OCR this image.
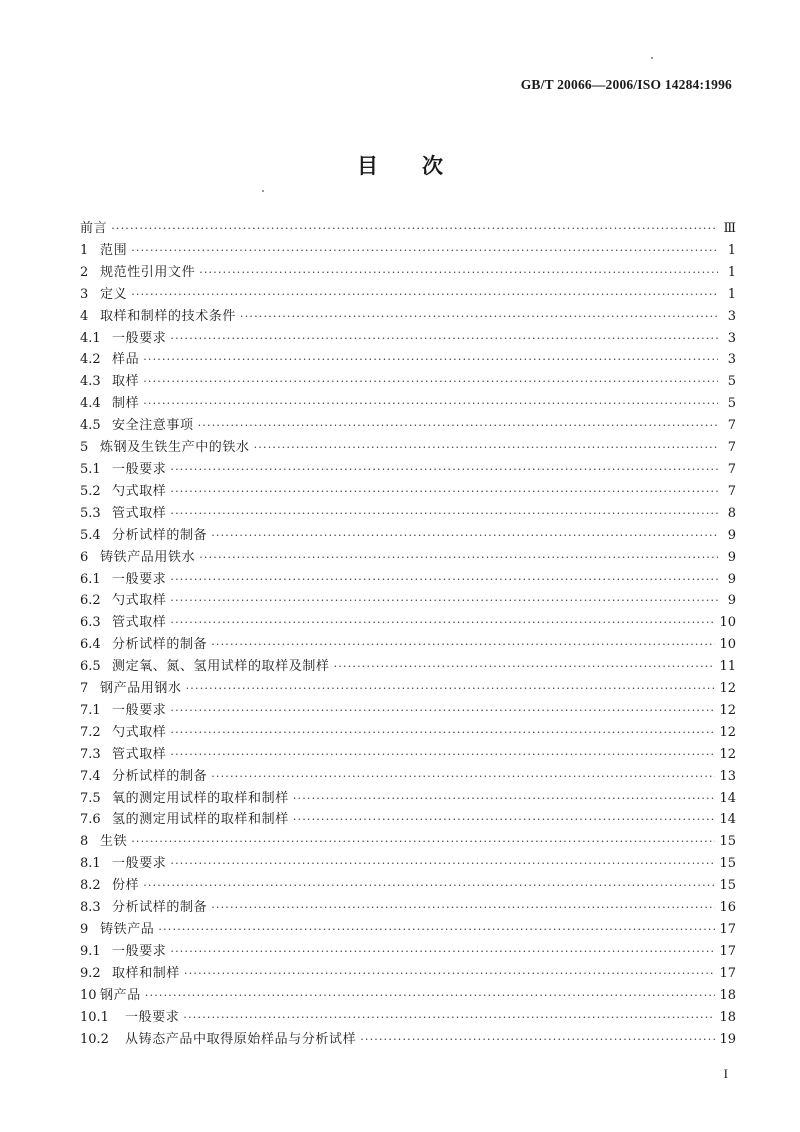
GB/T 20066—2006/ISO 14284:1996
目次
前言 ·····	Ⅲ
1 范围 ·····	1
2 规范性引用文件 ·····	1
3 定义 ·····	1
4 取样和制样的技术条件 ·····	3
4.1 一般要求 ·····	3
4.2 样品 ·····	3
4.3 取样 ·····	5
4.4 制样 ·····	5
4.5 安全注意事项 ·····	7
5 炼钢及生铁生产中的铁水 ·····	7
5.1 一般要求 ·····	7
5.2 勺式取样 ·····	7
5.3 管式取样 ·····	8
5.4 分析试样的制备 ·····	9
6 铸铁产品用铁水 ·····	9
6.1 一般要求 ·····	9
6.2 勺式取样 ·····	9
6.3 管式取样 ·····	10
6.4 分析试样的制备 ·····	10
6.5 测定氧、氮、氢用试样的取样及制样 ·····	11
7 钢产品用钢水 ·····	12
7.1 一般要求 ·····	12
7.2 勺式取样 ·····	12
7.3 管式取样 ·····	12
7.4 分析试样的制备 ·····	13
7.5 氧的测定用试样的取样和制样 ·····	14
7.6 氢的测定用试样的取样和制样 ·····	14
8 生铁 ·····	15
8.1 一般要求 ·····	15
8.2 份样 ·····	15
8.3 分析试样的制备 ·····	16
9 铸铁产品 ·····	17
9.1 一般要求 ·····	17
9.2 取样和制样 ·····	17
10 钢产品 ·····	18
10.1	一般要求 ·····	18
10.2	从铸态产品中取得原始样品与分析试样 ·····	19
I
